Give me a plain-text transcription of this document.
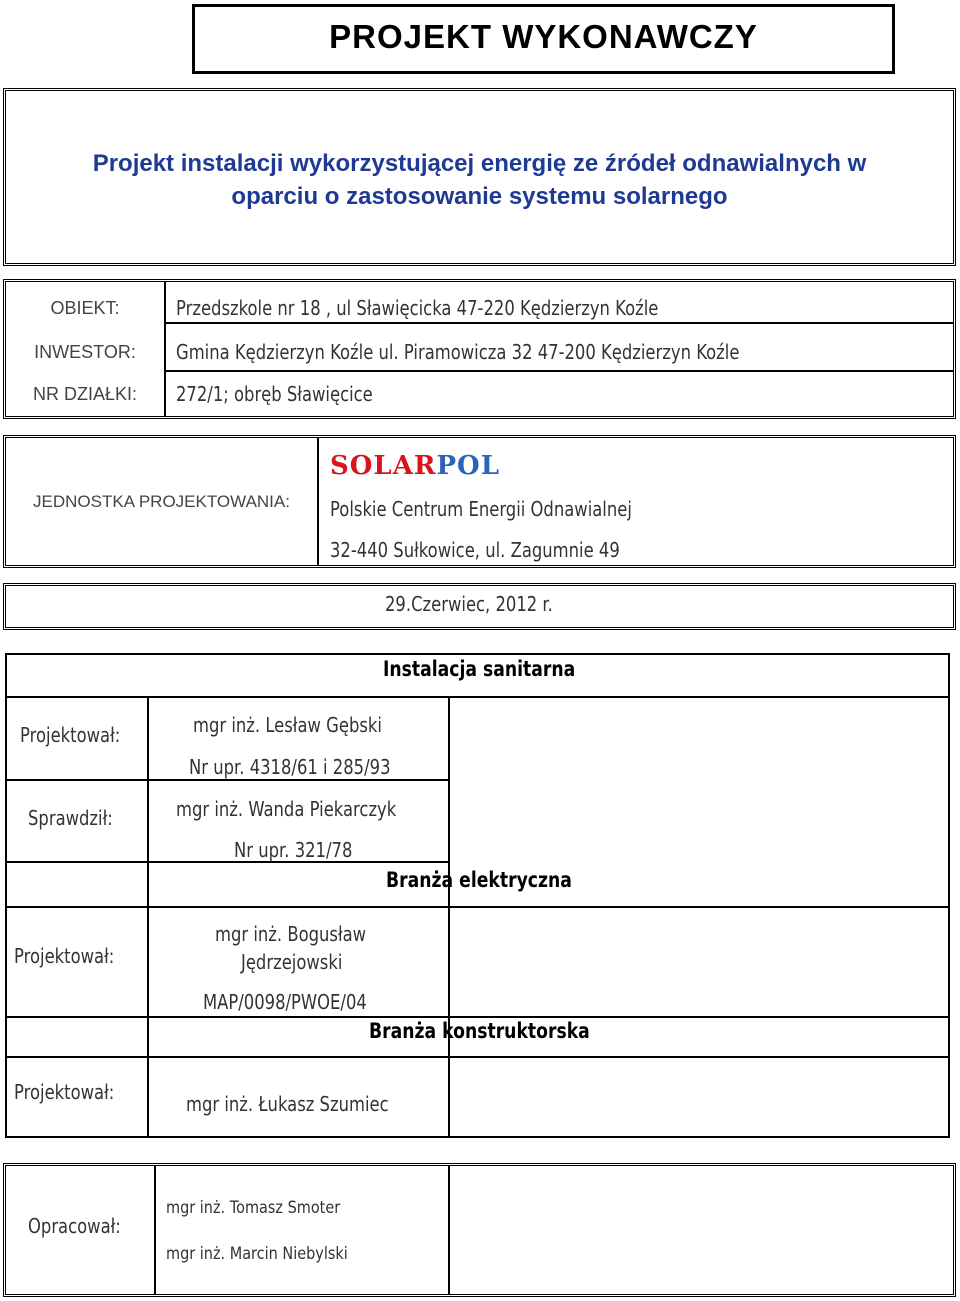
PROJEKT WYKONAWCZY
Projekt instalacji wykorzystującej energię ze źródeł odnawialnych w
oparciu o zastosowanie systemu solarnego
OBIEKT:	Przedszkole nr 18 , ul Sławięcicka 47-220 Kędzierzyn Koźle
INWESTOR:	Gmina Kędzierzyn Koźle ul. Piramowicza 32 47-200 Kędzierzyn Koźle
NR DZIAŁKI:	272/1; obręb Sławięcice
JEDNOSTKA PROJEKTOWANIA:
SOLARPOL
Polskie Centrum Energii Odnawialnej
32-440 Sułkowice, ul. Zagumnie 49
29.Czerwiec, 2012 r.
Instalacja sanitarna
Projektował:	mgr inż. Lesław Gębski
Nr upr. 4318/61 i 285/93
Sprawdził:	mgr inż. Wanda Piekarczyk
Nr upr. 321/78
Branża elektryczna
Projektował:
mgr inż. Bogusław
Jędrzejowski
MAP/0098/PWOE/04
Branża konstruktorska
Projektował:	mgr inż. Łukasz Szumiec
Opracował:
mgr inż. Tomasz Smoter
mgr inż. Marcin Niebylski
